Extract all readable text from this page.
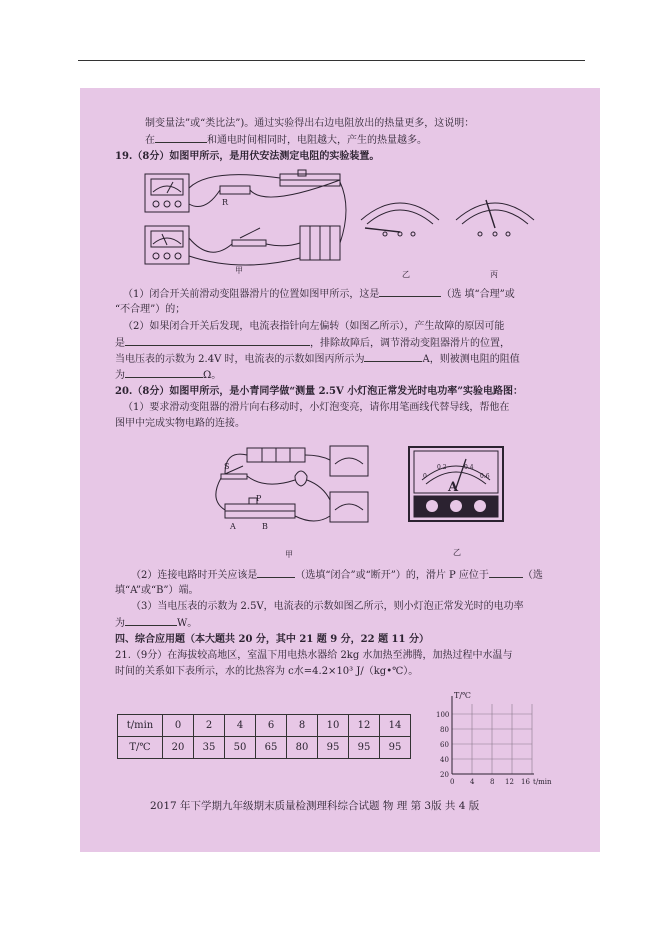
制变量法”或“类比法”)。通过实验得出右边电阻放出的热量更多，这说明：
在	和通电时间相同时，电阻越大，产生的热量越多。
19.（8分）如图甲所示，是用伏安法测定电阻的实验装置。
R
甲	乙	丙
（1）闭合开关前滑动变阻器滑片的位置如图甲所示，这是	（选 填“合理”或
“不合理”）的；
（2）如果闭合开关后发现，电流表指针向左偏转（如图乙所示），产生故障的原因可能
是	，排除故障后，调节滑动变阻器滑片的位置，
当电压表的示数为 2.4V 时，电流表的示数如图丙所示为	A，则被测电阻的阻值
为	Ω。
20.（8分）如图甲所示，是小青同学做“测量 2.5V 小灯泡正常发光时电功率”实验电路图：
（1）要求滑动变阻器的滑片向右移动时，小灯泡变亮，请你用笔画线代替导线，帮他在
图甲中完成实物电路的连接。
S
P
A	B
甲
A
0
0.2	0.4
0.6
乙
（2）连接电路时开关应该是	（选填“闭合”或“断开”）的，滑片 P 应位于	（选
填“A”或“B”）端。
（3）当电压表的示数为 2.5V，电流表的示数如图乙所示，则小灯泡正常发光时的电功率
为	W。
四、综合应用题（本大题共 20 分，其中 21 题 9 分，22 题 11 分）
21.（9分）在海拔较高地区，室温下用电热水器给 2kg 水加热至沸腾，加热过程中水温与
时间的关系如下表所示，水的比热容为 c水=4.2×10³ J/（kg•℃）。
t/min	0	2	4	6	8	10	12	14
T/℃	20	35	50	65	80	95	95	95
T/℃
100
80
60
40
20
0 4 8 12 16 t/min
2017 年下学期九年级期末质量检测理科综合试题 物 理 第 3版 共 4 版
